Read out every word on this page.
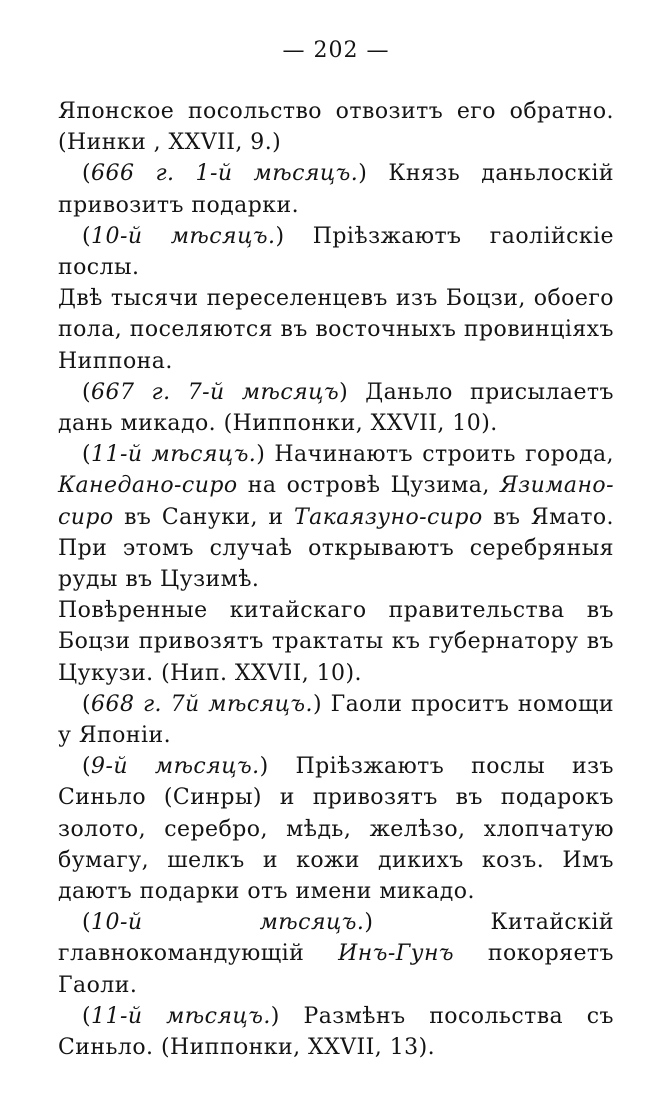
— 202 —

Японское посольство отвозитъ его обратно. (Нинки , XXVII, 9.)

(666 г. 1-й мѣсяцъ.) Князь даньлоскій привозитъ подарки.

(10-й мѣсяцъ.) Пріѣзжаютъ гаолійскіе послы.

Двѣ тысячи переселенцевъ изъ Боцзи, обоего пола, поселяются въ восточныхъ провинціяхъ Ниппона.

(667 г. 7-й мѣсяцъ) Даньло присылаетъ дань микадо. (Ниппонки, XXVII, 10).

(11-й мѣсяцъ.) Начинаютъ строить города, Канедано-сиро на островѣ Цузима, Язимано-сиро въ Сануки, и Такаязуно-сиро въ Ямато. При этомъ случаѣ открываютъ серебряныя руды въ Цузимѣ.

Повѣренные китайскаго правительства въ Боцзи привозятъ трактаты къ губернатору въ Цукузи. (Нип. XXVII, 10).

(668 г. 7й мѣсяцъ.) Гаоли проситъ номощи у Японіи.

(9-й мѣсяцъ.) Пріѣзжаютъ послы изъ Синьло (Синры) и привозятъ въ подарокъ золото, серебро, мѣдь, желѣзо, хлопчатую бумагу, шелкъ и кожи дикихъ козъ. Имъ даютъ подарки отъ имени микадо.

(10-й мѣсяцъ.) Китайскій главнокомандующій Инъ-Гунъ покоряетъ Гаоли.

(11-й мѣсяцъ.) Размѣнъ посольства съ Синьло. (Ниппонки, XXVII, 13).
